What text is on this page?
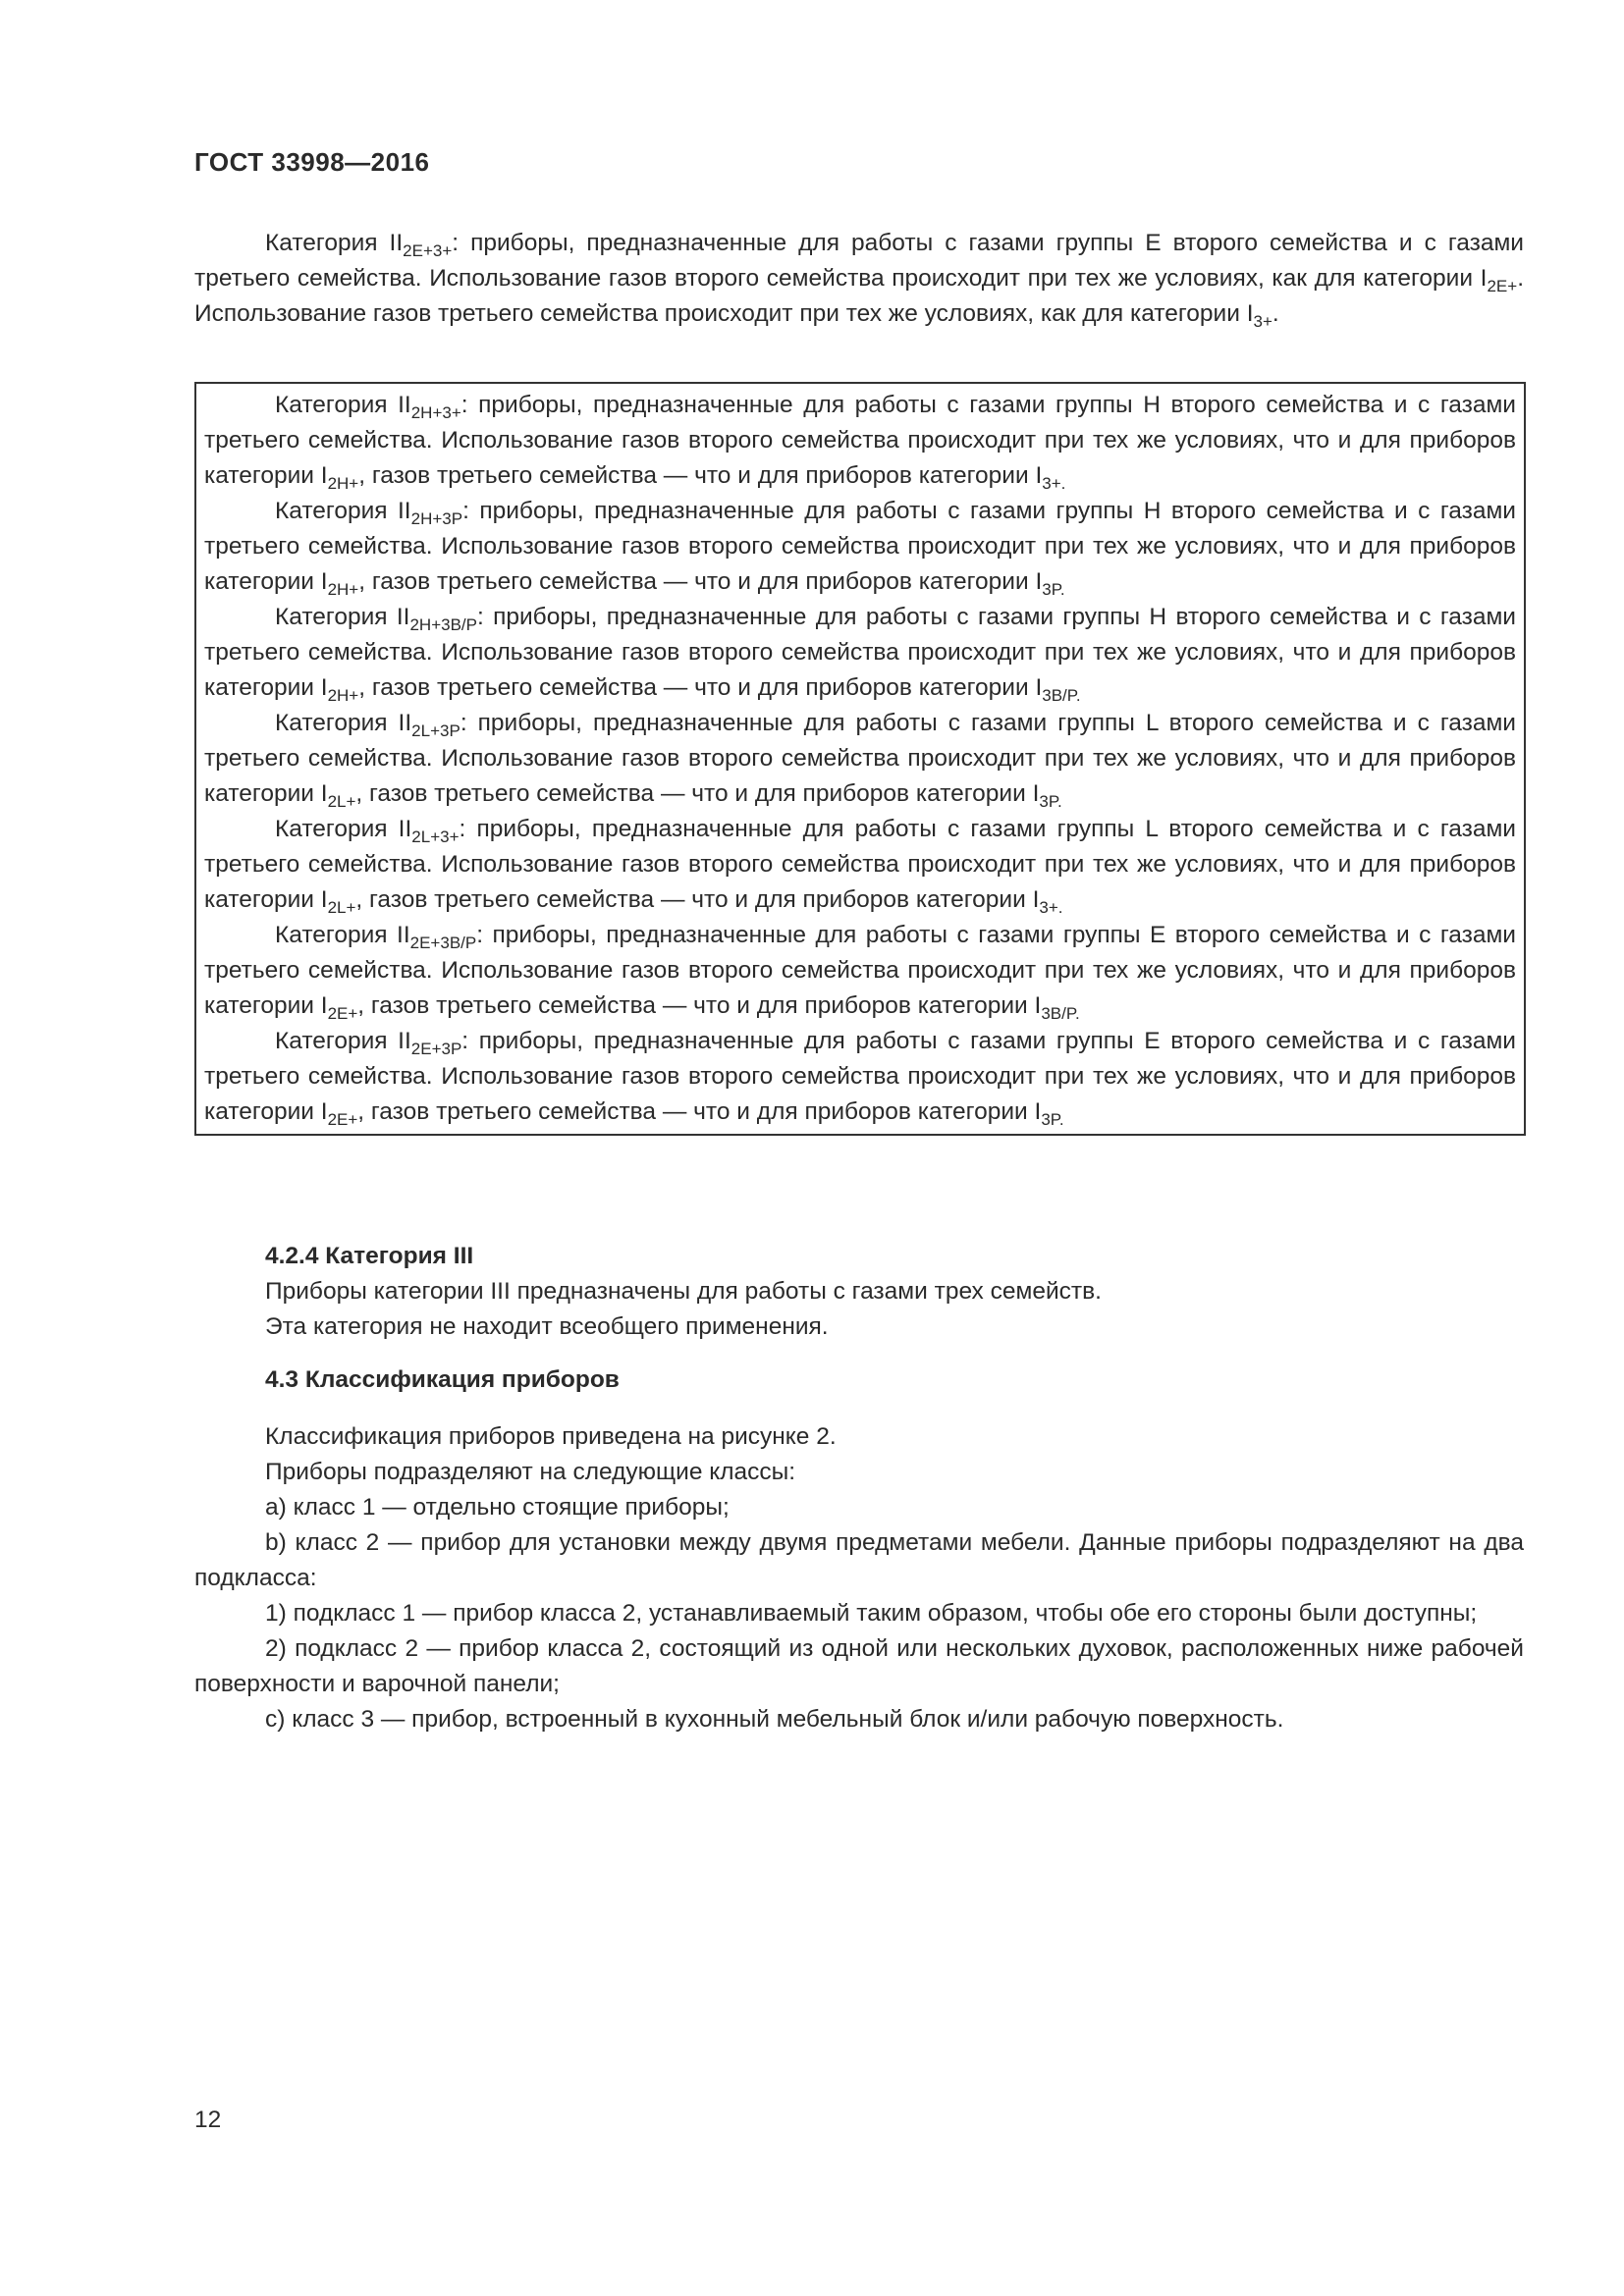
ГОСТ 33998—2016

Категория $II_{2E+3+}$: приборы, предназначенные для работы с газами группы E второго семейства и с газами третьего семейства. Использование газов второго семейства происходит при тех же условиях, как для категории $I_{2E+}$. Использование газов третьего семейства происходит при тех же условиях, как для категории $I_{3+}$.

Категория $II_{2H+3+}$: приборы, предназначенные для работы с газами группы H второго семейства и с газами третьего семейства. Использование газов второго семейства происходит при тех же условиях, что и для приборов категории $I_{2H+}$, газов третьего семейства — что и для приборов категории $I_{3+.}$

Категория $II_{2H+3P}$: приборы, предназначенные для работы с газами группы H второго семейства и с газами третьего семейства. Использование газов второго семейства происходит при тех же условиях, что и для приборов категории $I_{2H+}$, газов третьего семейства — что и для приборов категории $I_{3P.}$

Категория $II_{2H+3B/P}$: приборы, предназначенные для работы с газами группы H второго семейства и с газами третьего семейства. Использование газов второго семейства происходит при тех же условиях, что и для приборов категории $I_{2H+}$, газов третьего семейства — что и для приборов категории $I_{3B/P.}$

Категория $II_{2L+3P}$: приборы, предназначенные для работы с газами группы L второго семейства и с газами третьего семейства. Использование газов второго семейства происходит при тех же условиях, что и для приборов категории $I_{2L+}$, газов третьего семейства — что и для приборов категории $I_{3P.}$

Категория $II_{2L+3+}$: приборы, предназначенные для работы с газами группы L второго семейства и с газами третьего семейства. Использование газов второго семейства происходит при тех же условиях, что и для приборов категории $I_{2L+}$, газов третьего семейства — что и для приборов категории $I_{3+.}$

Категория $II_{2E+3B/P}$: приборы, предназначенные для работы с газами группы E второго семейства и с газами третьего семейства. Использование газов второго семейства происходит при тех же условиях, что и для приборов категории $I_{2E+}$, газов третьего семейства — что и для приборов категории $I_{3B/P.}$

Категория $II_{2E+3P}$: приборы, предназначенные для работы с газами группы E второго семейства и с газами третьего семейства. Использование газов второго семейства происходит при тех же условиях, что и для приборов категории $I_{2E+}$, газов третьего семейства — что и для приборов категории $I_{3P.}$

4.2.4 Категория III

Приборы категории III предназначены для работы с газами трех семейств.

Эта категория не находит всеобщего применения.

4.3 Классификация приборов

Классификация приборов приведена на рисунке 2.

Приборы подразделяют на следующие классы:

a) класс 1 — отдельно стоящие приборы;

b) класс 2 — прибор для установки между двумя предметами мебели. Данные приборы подразделяют на два подкласса:

1) подкласс 1 — прибор класса 2, устанавливаемый таким образом, чтобы обе его стороны были доступны;

2) подкласс 2 — прибор класса 2, состоящий из одной или нескольких духовок, расположенных ниже рабочей поверхности и варочной панели;

c) класс 3 — прибор, встроенный в кухонный мебельный блок и/или рабочую поверхность.

12
